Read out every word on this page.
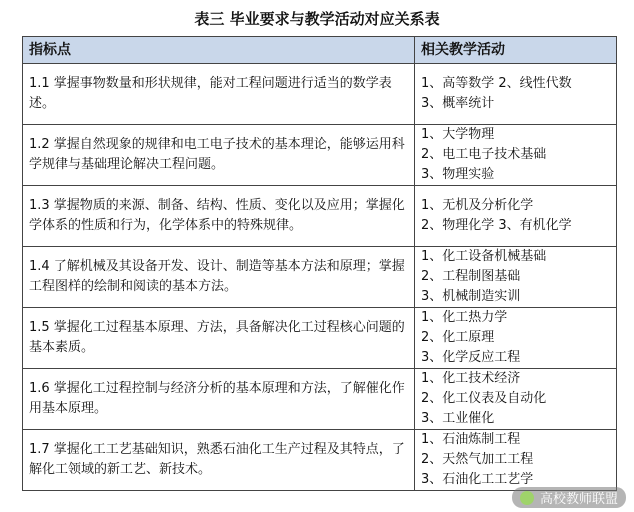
表三 毕业要求与教学活动对应关系表
指标点	相关教学活动
1.1 掌握事物数量和形状规律，能对工程问题进行适当的数学表述。	1、高等数学 2、线性代数
3、概率统计

1.2 掌握自然现象的规律和电工电子技术的基本理论，能够运用科学规律与基础理论解决工程问题。	1、大学物理
2、电工电子技术基础
3、物理实验

1.3 掌握物质的来源、制备、结构、性质、变化以及应用；掌握化学体系的性质和行为，化学体系中的特殊规律。	1、无机及分析化学
2、物理化学 3、有机化学

1.4 了解机械及其设备开发、设计、制造等基本方法和原理；掌握工程图样的绘制和阅读的基本方法。	1、化工设备机械基础
2、工程制图基础
3、机械制造实训

1.5 掌握化工过程基本原理、方法，具备解决化工过程核心问题的基本素质。	1、化工热力学
2、化工原理
3、化学反应工程

1.6 掌握化工过程控制与经济分析的基本原理和方法，了解催化作用基本原理。	1、化工技术经济
2、化工仪表及自动化
3、工业催化

1.7 掌握化工工艺基础知识，熟悉石油化工生产过程及其特点，了解化工领域的新工艺、新技术。	1、石油炼制工程
2、天然气加工工程
3、石油化工工艺学
高校教师联盟
